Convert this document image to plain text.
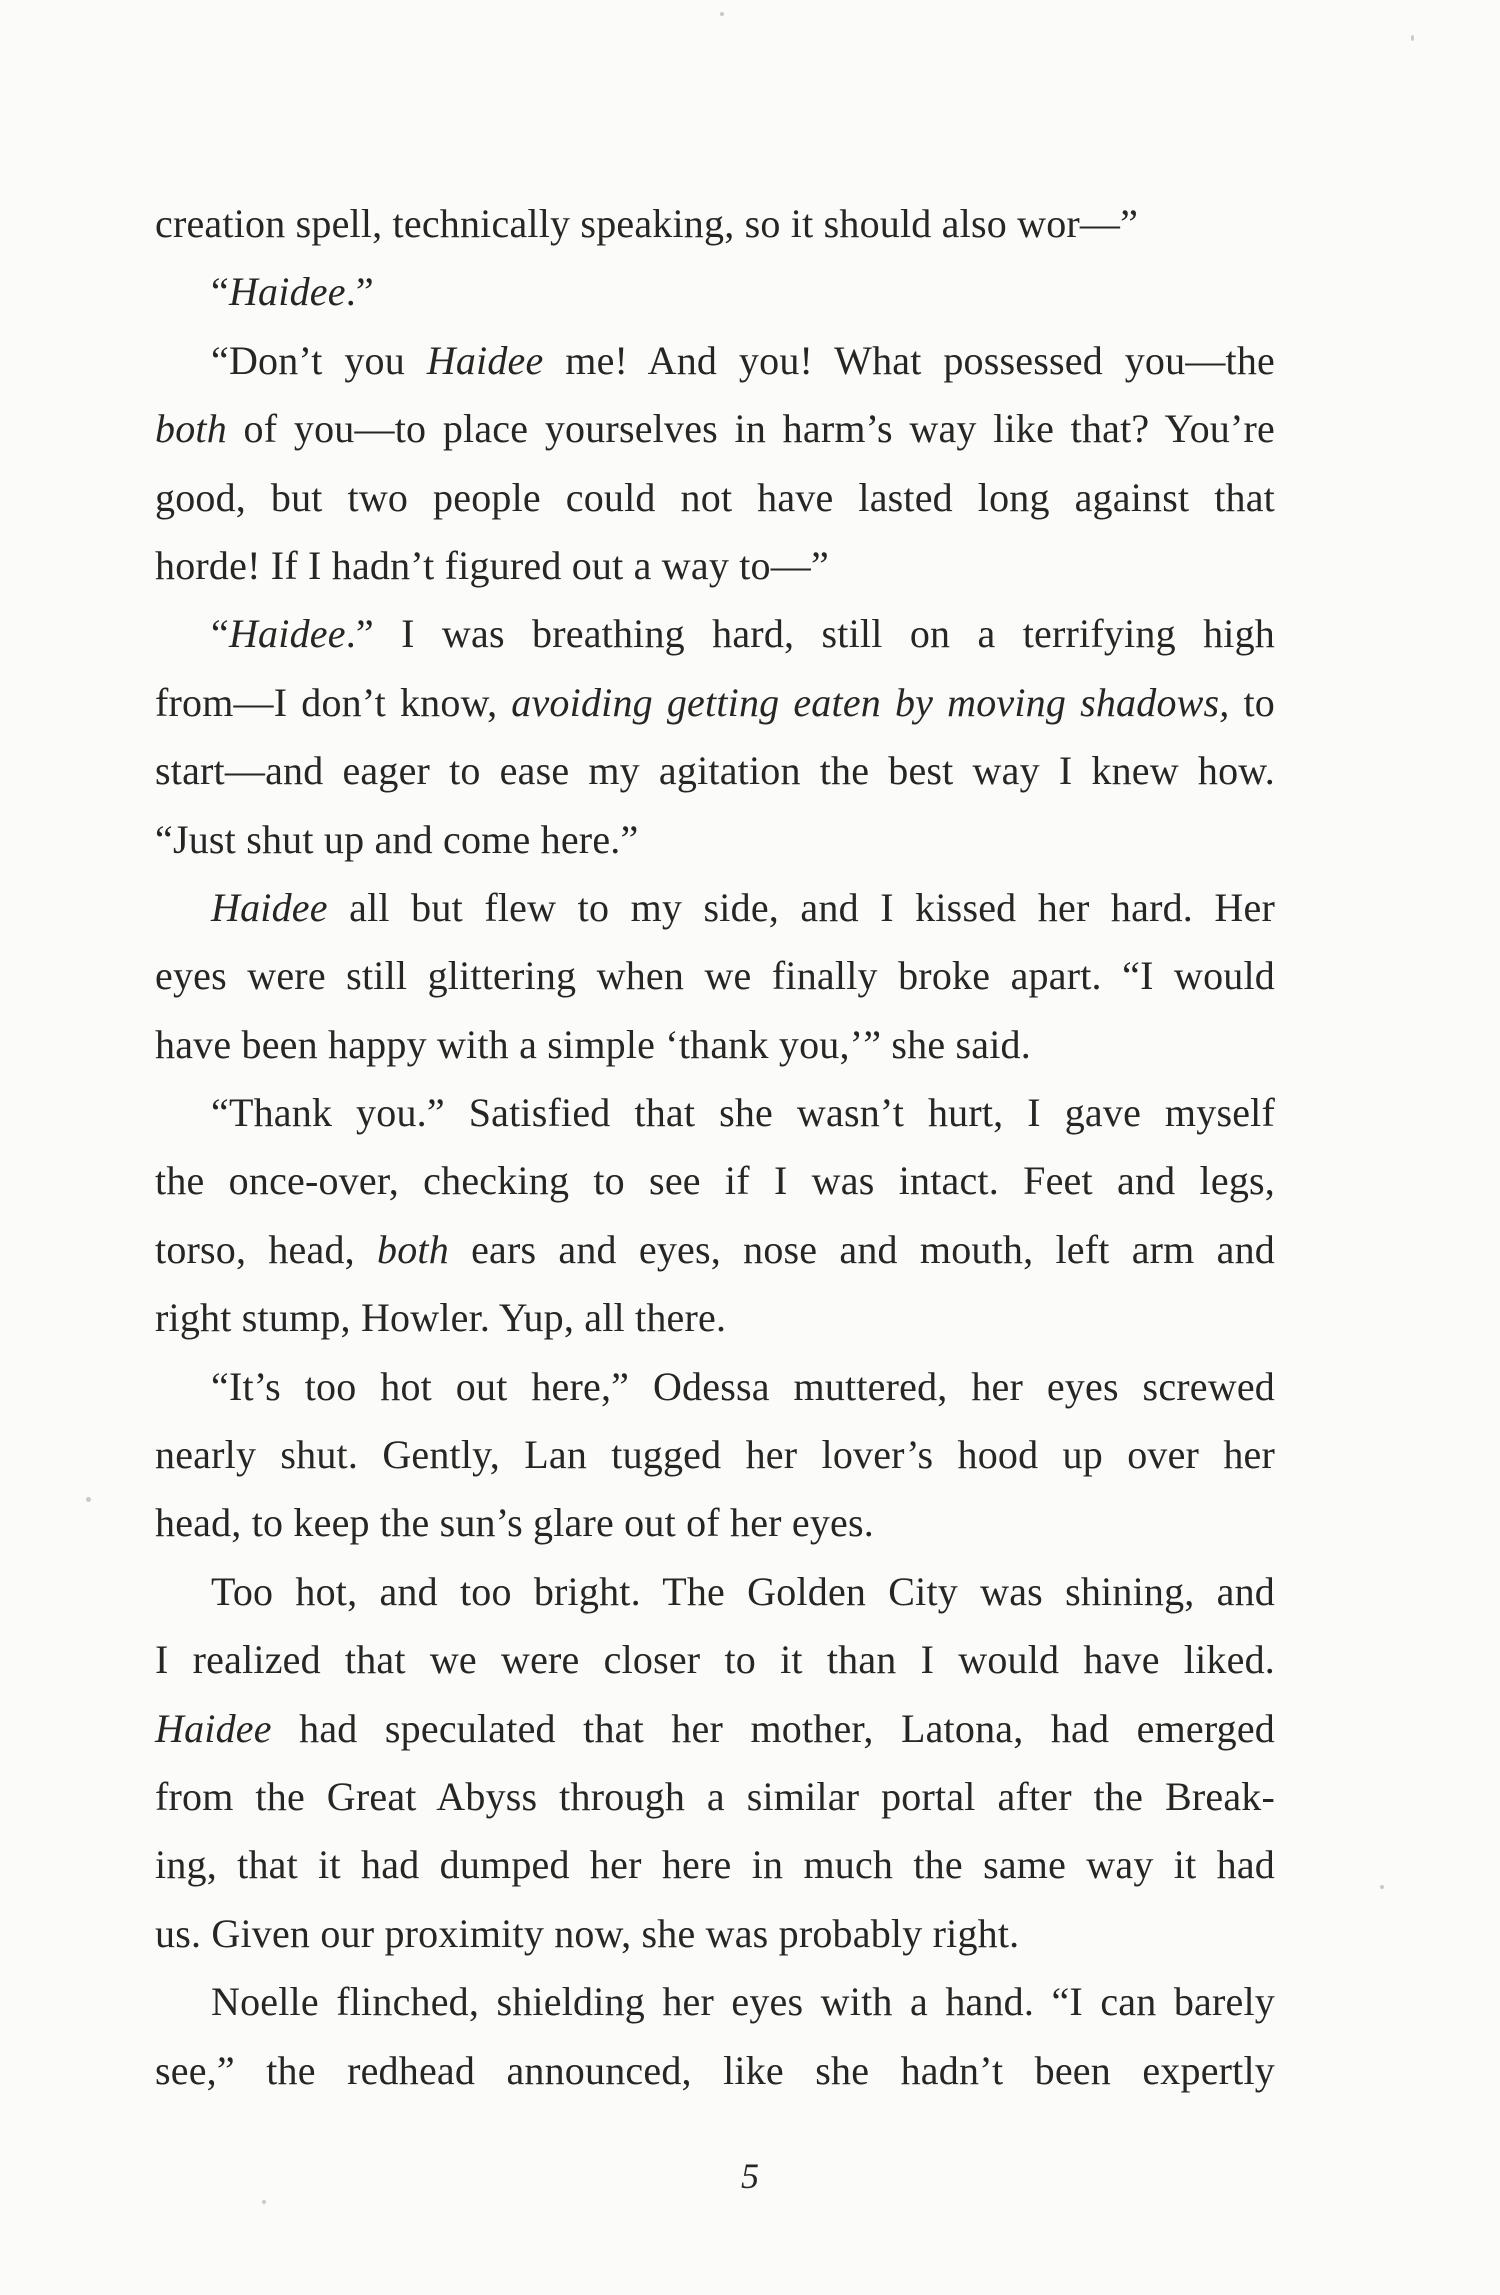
creation spell, technically speaking, so it should also wor—”
“Haidee.”
“Don’t you Haidee me! And you! What possessed you—the
both of you—to place yourselves in harm’s way like that? You’re
good, but two people could not have lasted long against that
horde! If I hadn’t figured out a way to—”
“Haidee.” I was breathing hard, still on a terrifying high
from—I don’t know, avoiding getting eaten by moving shadows, to
start—and eager to ease my agitation the best way I knew how.
“Just shut up and come here.”
Haidee all but flew to my side, and I kissed her hard. Her
eyes were still glittering when we finally broke apart. “I would
have been happy with a simple ‘thank you,’” she said.
“Thank you.” Satisfied that she wasn’t hurt, I gave myself
the once-over, checking to see if I was intact. Feet and legs,
torso, head, both ears and eyes, nose and mouth, left arm and
right stump, Howler. Yup, all there.
“It’s too hot out here,” Odessa muttered, her eyes screwed
nearly shut. Gently, Lan tugged her lover’s hood up over her
head, to keep the sun’s glare out of her eyes.
Too hot, and too bright. The Golden City was shining, and
I realized that we were closer to it than I would have liked.
Haidee had speculated that her mother, Latona, had emerged
from the Great Abyss through a similar portal after the Break-
ing, that it had dumped her here in much the same way it had
us. Given our proximity now, she was probably right.
Noelle flinched, shielding her eyes with a hand. “I can barely
see,” the redhead announced, like she hadn’t been expertly
5
